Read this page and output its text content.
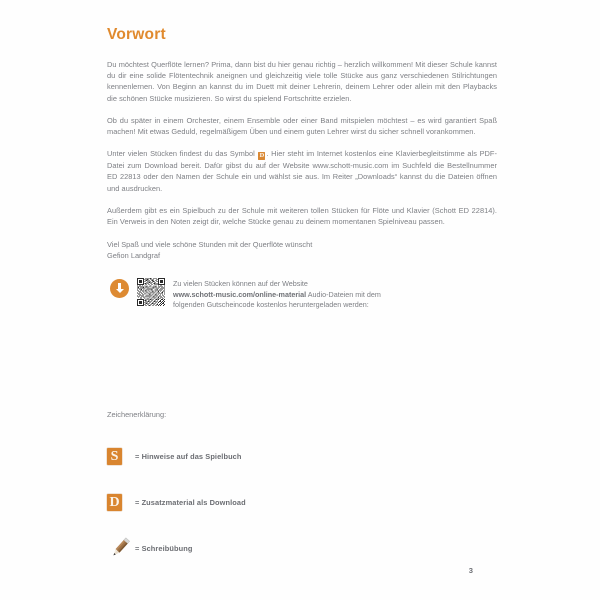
Vorwort

Du möchtest Querflöte lernen? Prima, dann bist du hier genau richtig – herzlich willkommen! Mit dieser Schule kannst du dir eine solide Flötentechnik aneignen und gleichzeitig viele tolle Stücke aus ganz verschiedenen Stilrichtungen kennenlernen. Von Beginn an kannst du im Duett mit deiner Lehrerin, deinem Lehrer oder allein mit den Playbacks die schönen Stücke musizieren. So wirst du spielend Fortschritte erzielen.

Ob du später in einem Orchester, einem Ensemble oder einer Band mitspielen möchtest – es wird garantiert Spaß machen! Mit etwas Geduld, regelmäßigem Üben und einem guten Lehrer wirst du sicher schnell vorankommen.

Unter vielen Stücken findest du das Symbol D . Hier steht im Internet kostenlos eine Klavierbegleitstimme als PDF-Datei zum Download bereit. Dafür gibst du auf der Website www.schott-music.com im Suchfeld die Bestellnummer ED 22813 oder den Namen der Schule ein und wählst sie aus. Im Reiter „Downloads“ kannst du die Dateien öffnen und ausdrucken.

Außerdem gibt es ein Spielbuch zu der Schule mit weiteren tollen Stücken für Flöte und Klavier (Schott ED 22814). Ein Verweis in den Noten zeigt dir, welche Stücke genau zu deinem momentanen Spielniveau passen.

Viel Spaß und viele schöne Stunden mit der Querflöte wünscht

Gefion Landgraf

Zu vielen Stücken können auf der Website
www.schott-music.com/online-material Audio-Dateien mit dem
folgenden Gutscheincode kostenlos heruntergeladen werden:

Zeichenerklärung:

S	= Hinweise auf das Spielbuch
D	= Zusatzmaterial als Download
= Schreibübung
3
